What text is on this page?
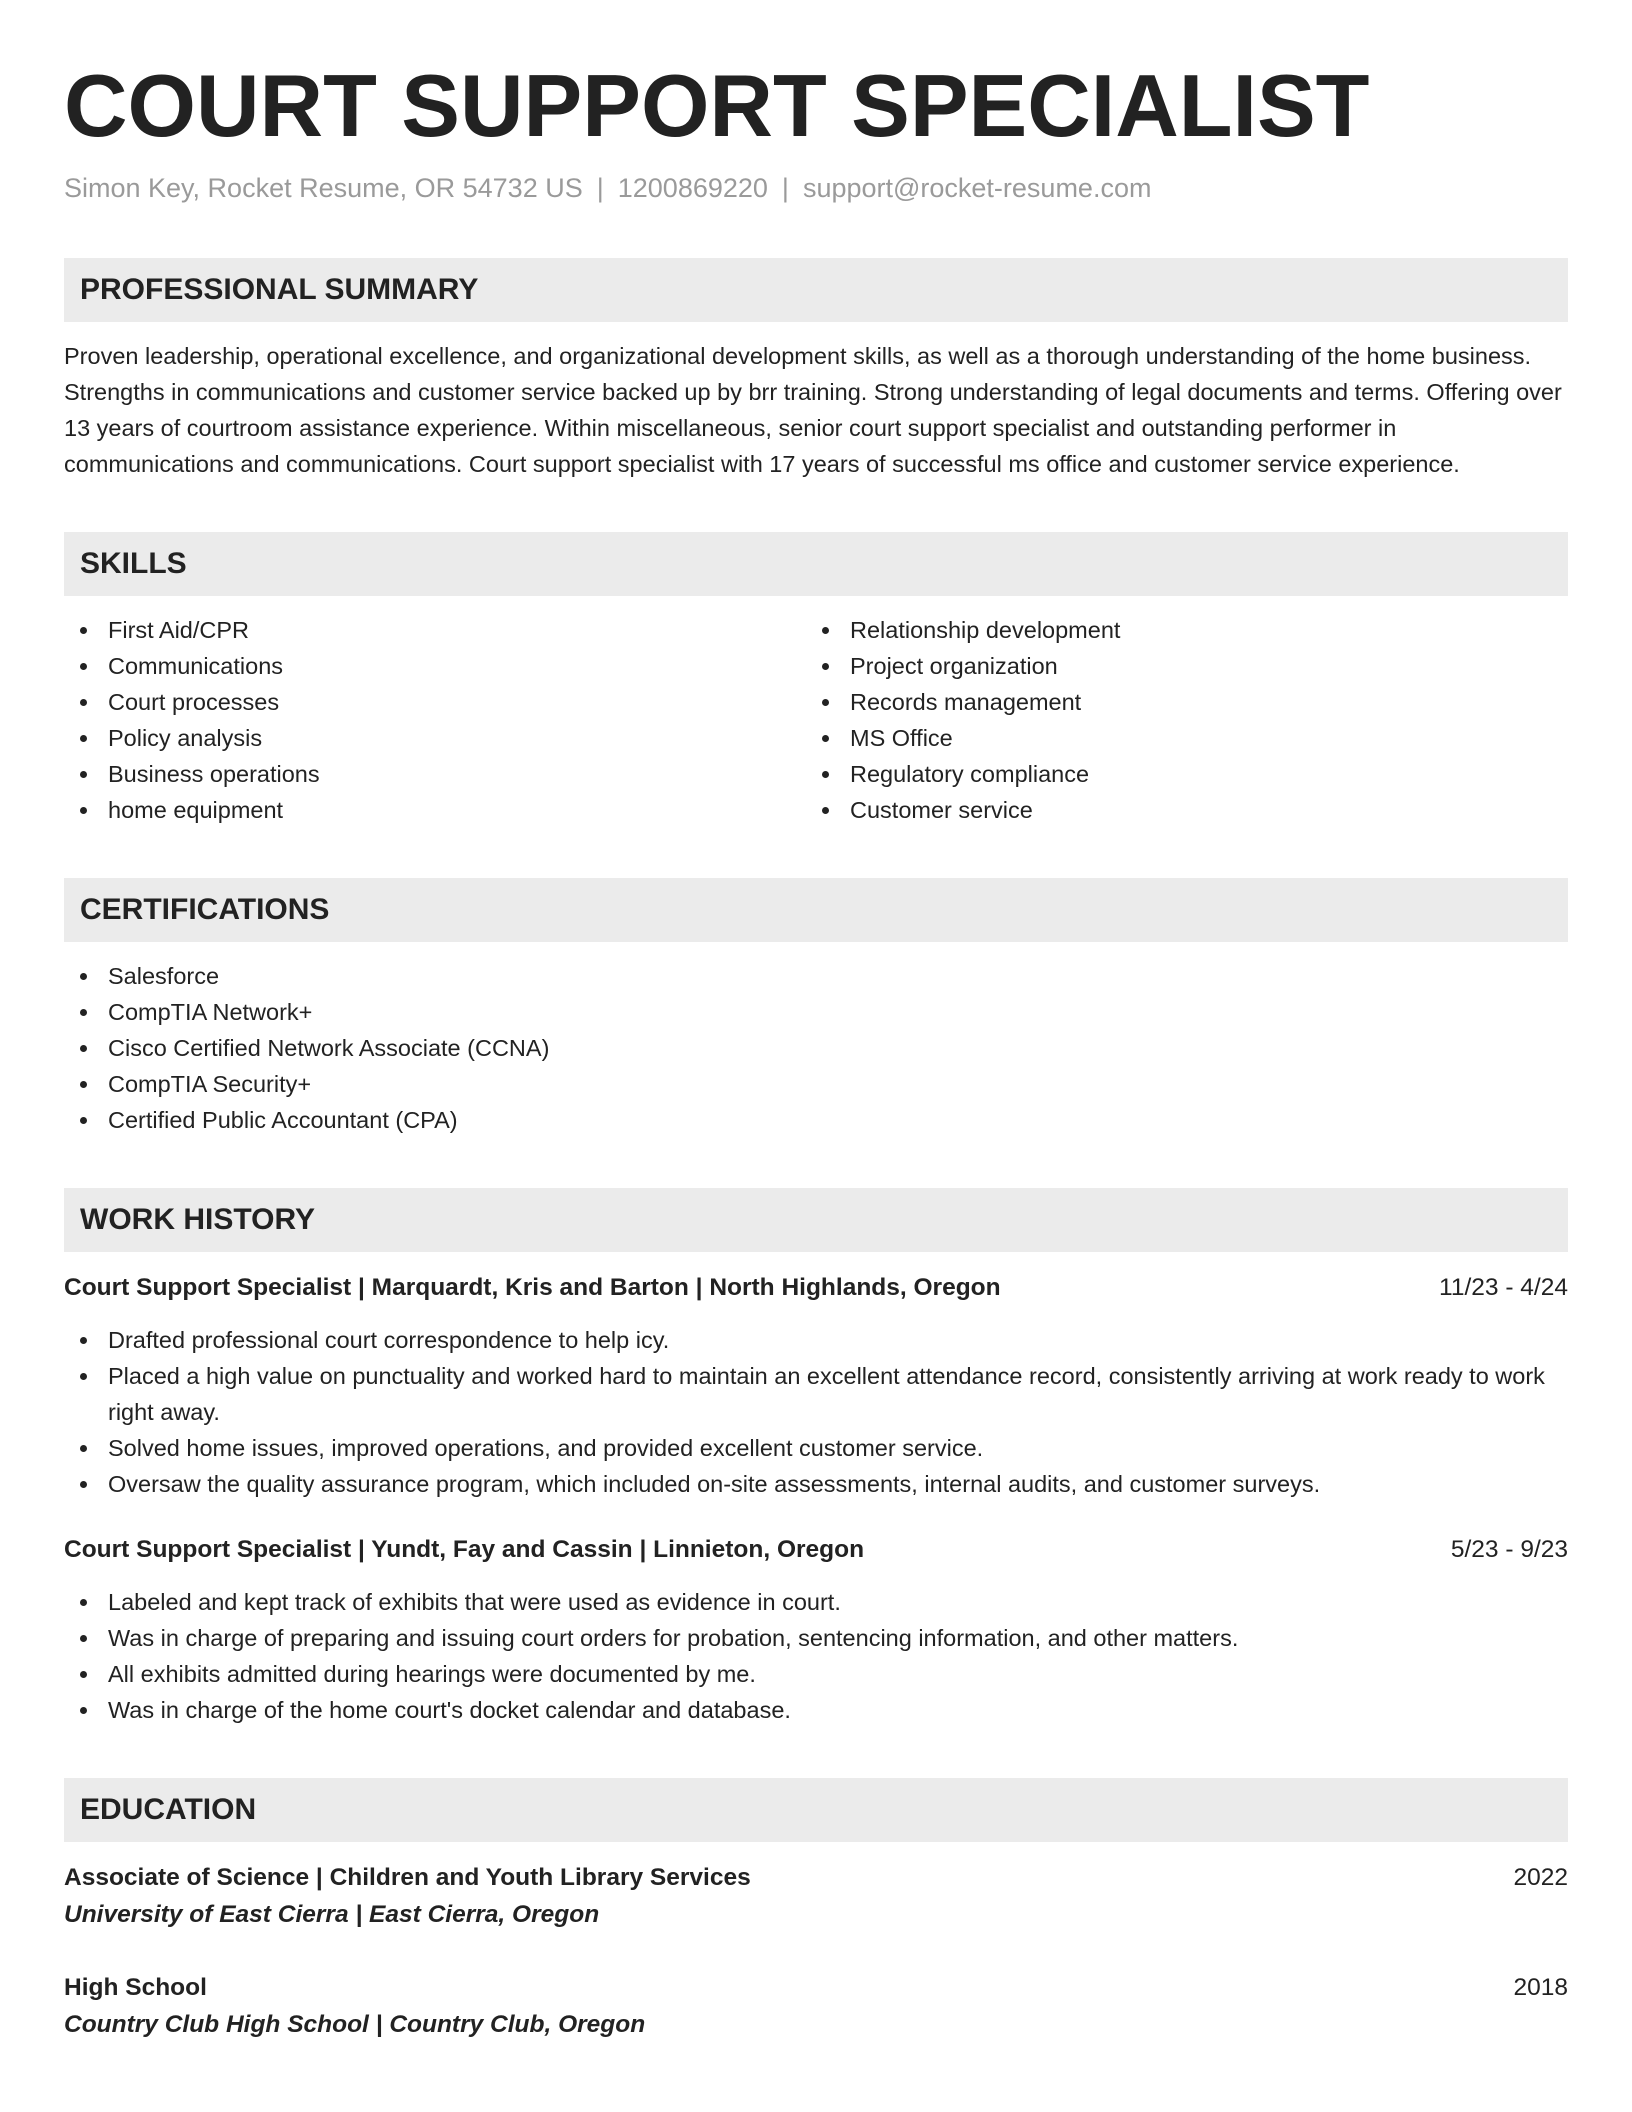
COURT SUPPORT SPECIALIST
Simon Key, Rocket Resume, OR 54732 US | 1200869220 | support@rocket-resume.com
PROFESSIONAL SUMMARY

Proven leadership, operational excellence, and organizational development skills, as well as a thorough understanding of the home business. Strengths in communications and customer service backed up by brr training. Strong understanding of legal documents and terms. Offering over 13 years of courtroom assistance experience. Within miscellaneous, senior court support specialist and outstanding performer in communications and communications. Court support specialist with 17 years of successful ms office and customer service experience.

SKILLS
First Aid/CPR
Communications
Court processes
Policy analysis
Business operations
home equipment
Relationship development
Project organization
Records management
MS Office
Regulatory compliance
Customer service
CERTIFICATIONS
Salesforce
CompTIA Network+
Cisco Certified Network Associate (CCNA)
CompTIA Security+
Certified Public Accountant (CPA)
WORK HISTORY
Court Support Specialist | Marquardt, Kris and Barton | North Highlands, Oregon	11/23 - 4/24
Drafted professional court correspondence to help icy.
Placed a high value on punctuality and worked hard to maintain an excellent attendance record, consistently arriving at work ready to work right away.
Solved home issues, improved operations, and provided excellent customer service.
Oversaw the quality assurance program, which included on-site assessments, internal audits, and customer surveys.
Court Support Specialist | Yundt, Fay and Cassin | Linnieton, Oregon	5/23 - 9/23
Labeled and kept track of exhibits that were used as evidence in court.
Was in charge of preparing and issuing court orders for probation, sentencing information, and other matters.
All exhibits admitted during hearings were documented by me.
Was in charge of the home court's docket calendar and database.
EDUCATION
Associate of Science | Children and Youth Library Services	2022
University of East Cierra | East Cierra, Oregon
High School	2018
Country Club High School | Country Club, Oregon
